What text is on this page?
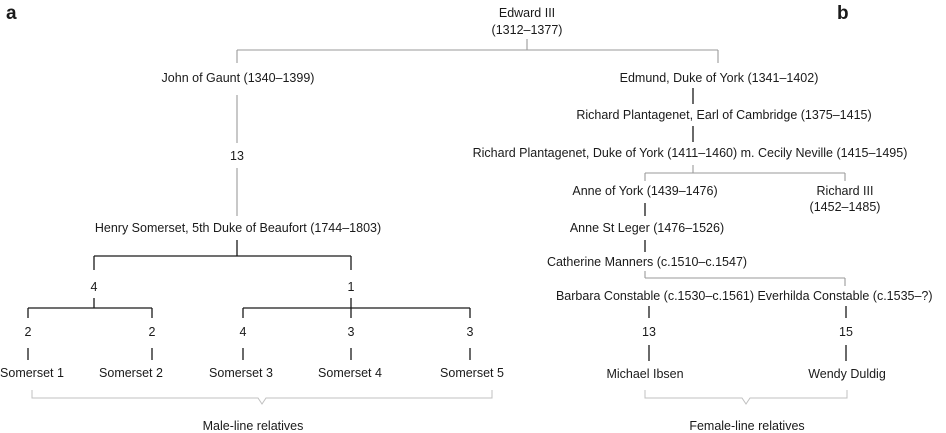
a	b
Edward III
(1312–1377)
John of Gaunt (1340–1399)
13
Henry Somerset, 5th Duke of Beaufort (1744–1803)
4	1
2	2	4	3	3
Somerset 1	Somerset 2	Somerset 3	Somerset 4	Somerset 5
Male-line relatives
Edmund, Duke of York (1341–1402)
Richard Plantagenet, Earl of Cambridge (1375–1415)
Richard Plantagenet, Duke of York (1411–1460) m. Cecily Neville (1415–1495)
Anne of York (1439–1476)	Richard III
(1452–1485)
Anne St Leger (1476–1526)
Catherine Manners (c.1510–c.1547)
Barbara Constable (c.1530–c.1561) Everhilda Constable (c.1535–?)
13	15
Michael Ibsen	Wendy Duldig
Female-line relatives
